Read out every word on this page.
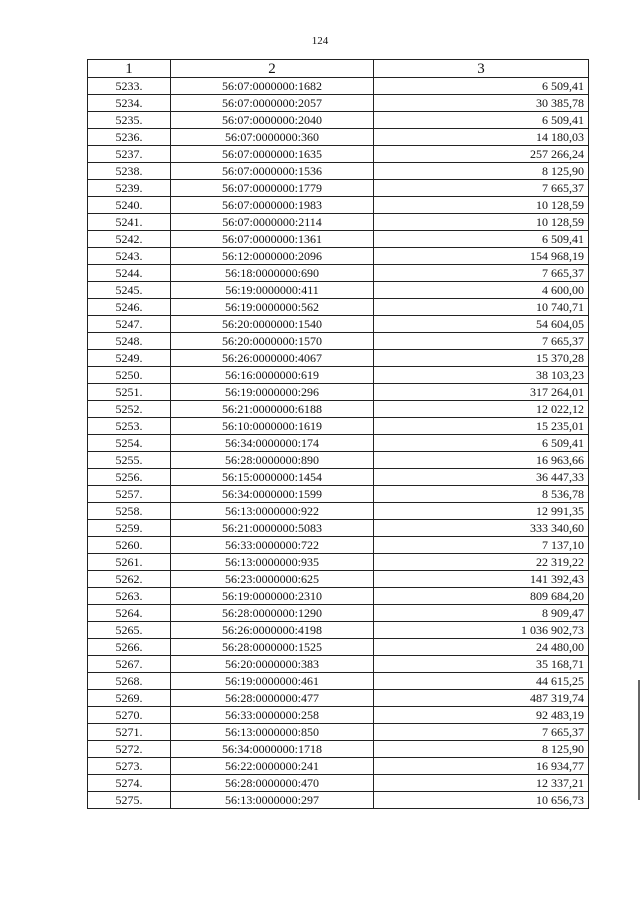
124
1	2	3
5233.	56:07:0000000:1682	6 509,41
5234.	56:07:0000000:2057	30 385,78
5235.	56:07:0000000:2040	6 509,41
5236.	56:07:0000000:360	14 180,03
5237.	56:07:0000000:1635	257 266,24
5238.	56:07:0000000:1536	8 125,90
5239.	56:07:0000000:1779	7 665,37
5240.	56:07:0000000:1983	10 128,59
5241.	56:07:0000000:2114	10 128,59
5242.	56:07:0000000:1361	6 509,41
5243.	56:12:0000000:2096	154 968,19
5244.	56:18:0000000:690	7 665,37
5245.	56:19:0000000:411	4 600,00
5246.	56:19:0000000:562	10 740,71
5247.	56:20:0000000:1540	54 604,05
5248.	56:20:0000000:1570	7 665,37
5249.	56:26:0000000:4067	15 370,28
5250.	56:16:0000000:619	38 103,23
5251.	56:19:0000000:296	317 264,01
5252.	56:21:0000000:6188	12 022,12
5253.	56:10:0000000:1619	15 235,01
5254.	56:34:0000000:174	6 509,41
5255.	56:28:0000000:890	16 963,66
5256.	56:15:0000000:1454	36 447,33
5257.	56:34:0000000:1599	8 536,78
5258.	56:13:0000000:922	12 991,35
5259.	56:21:0000000:5083	333 340,60
5260.	56:33:0000000:722	7 137,10
5261.	56:13:0000000:935	22 319,22
5262.	56:23:0000000:625	141 392,43
5263.	56:19:0000000:2310	809 684,20
5264.	56:28:0000000:1290	8 909,47
5265.	56:26:0000000:4198	1 036 902,73
5266.	56:28:0000000:1525	24 480,00
5267.	56:20:0000000:383	35 168,71
5268.	56:19:0000000:461	44 615,25
5269.	56:28:0000000:477	487 319,74
5270.	56:33:0000000:258	92 483,19
5271.	56:13:0000000:850	7 665,37
5272.	56:34:0000000:1718	8 125,90
5273.	56:22:0000000:241	16 934,77
5274.	56:28:0000000:470	12 337,21
5275.	56:13:0000000:297	10 656,73
